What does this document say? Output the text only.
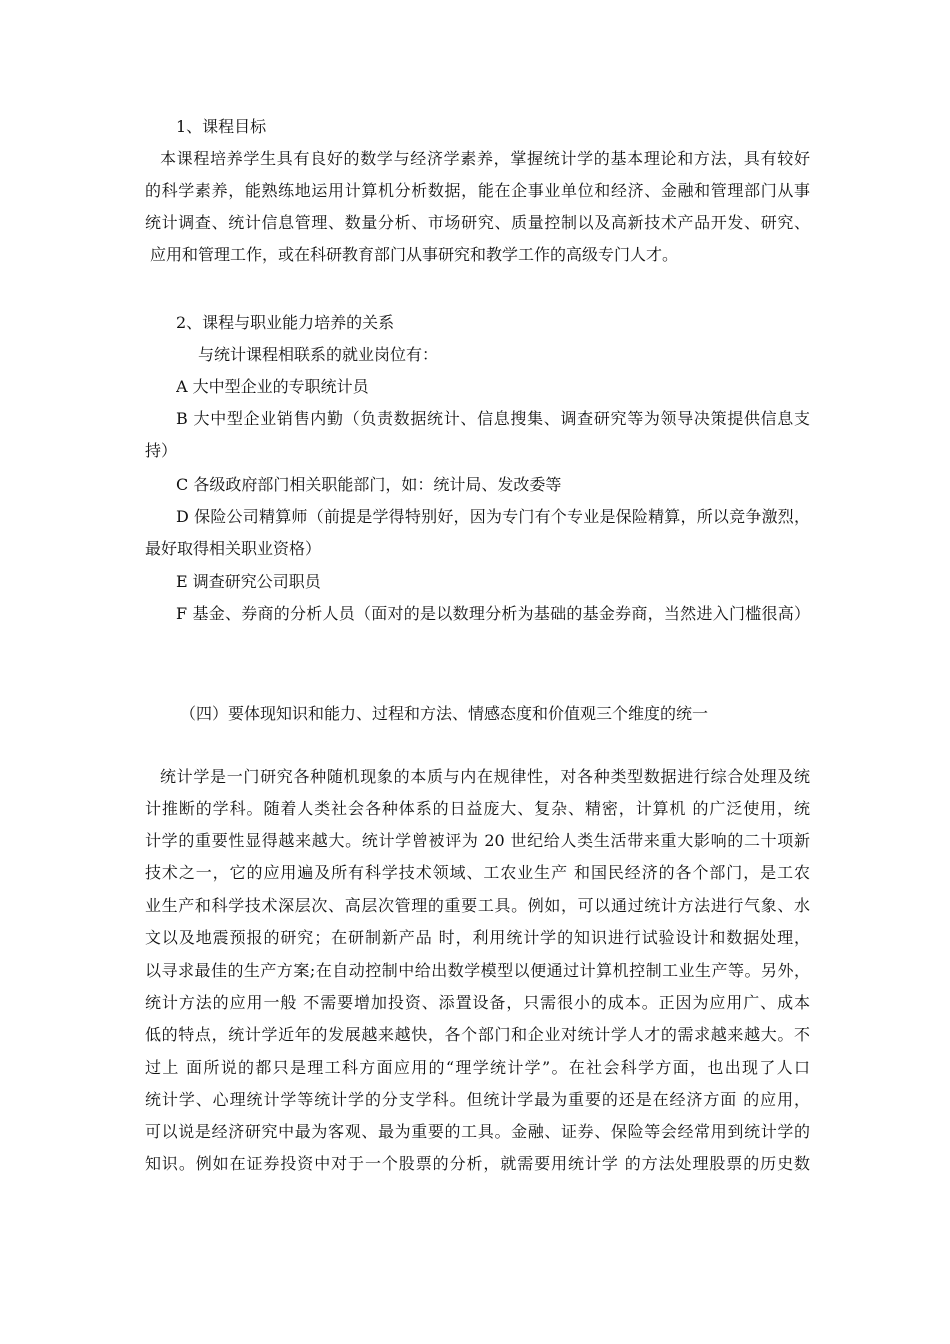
1、课程目标
本课程培养学生具有良好的数学与经济学素养，掌握统计学的基本理论和方法，具有较好
的科学素养，能熟练地运用计算机分析数据，能在企事业单位和经济、金融和管理部门从事
统计调查、统计信息管理、数量分析、市场研究、质量控制以及高新技术产品开发、研究、
应用和管理工作，或在科研教育部门从事研究和教学工作的高级专门人才。
2、课程与职业能力培养的关系
与统计课程相联系的就业岗位有：
A 大中型企业的专职统计员
B 大中型企业销售内勤（负责数据统计、信息搜集、调查研究等为领导决策提供信息支
持）
C 各级政府部门相关职能部门，如：统计局、发改委等
D 保险公司精算师（前提是学得特别好，因为专门有个专业是保险精算，所以竞争激烈，
最好取得相关职业资格）
E 调查研究公司职员
F 基金、券商的分析人员（面对的是以数理分析为基础的基金券商，当然进入门槛很高）
（四）要体现知识和能力、过程和方法、情感态度和价值观三个维度的统一
统计学是一门研究各种随机现象的本质与内在规律性，对各种类型数据进行综合处理及统
计推断的学科。随着人类社会各种体系的日益庞大、复杂、精密，计算机 的广泛使用，统
计学的重要性显得越来越大。统计学曾被评为 20 世纪给人类生活带来重大影响的二十项新
技术之一，它的应用遍及所有科学技术领域、工农业生产 和国民经济的各个部门，是工农
业生产和科学技术深层次、高层次管理的重要工具。例如，可以通过统计方法进行气象、水
文以及地震预报的研究；在研制新产品 时，利用统计学的知识进行试验设计和数据处理，
以寻求最佳的生产方案;在自动控制中给出数学模型以便通过计算机控制工业生产等。另外，
统计方法的应用一般 不需要增加投资、添置设备，只需很小的成本。正因为应用广、成本
低的特点，统计学近年的发展越来越快，各个部门和企业对统计学人才的需求越来越大。不
过上 面所说的都只是理工科方面应用的“理学统计学”。在社会科学方面，也出现了人口
统计学、心理统计学等统计学的分支学科。但统计学最为重要的还是在经济方面 的应用，
可以说是经济研究中最为客观、最为重要的工具。金融、证券、保险等会经常用到统计学的
知识。例如在证券投资中对于一个股票的分析，就需要用统计学 的方法处理股票的历史数
